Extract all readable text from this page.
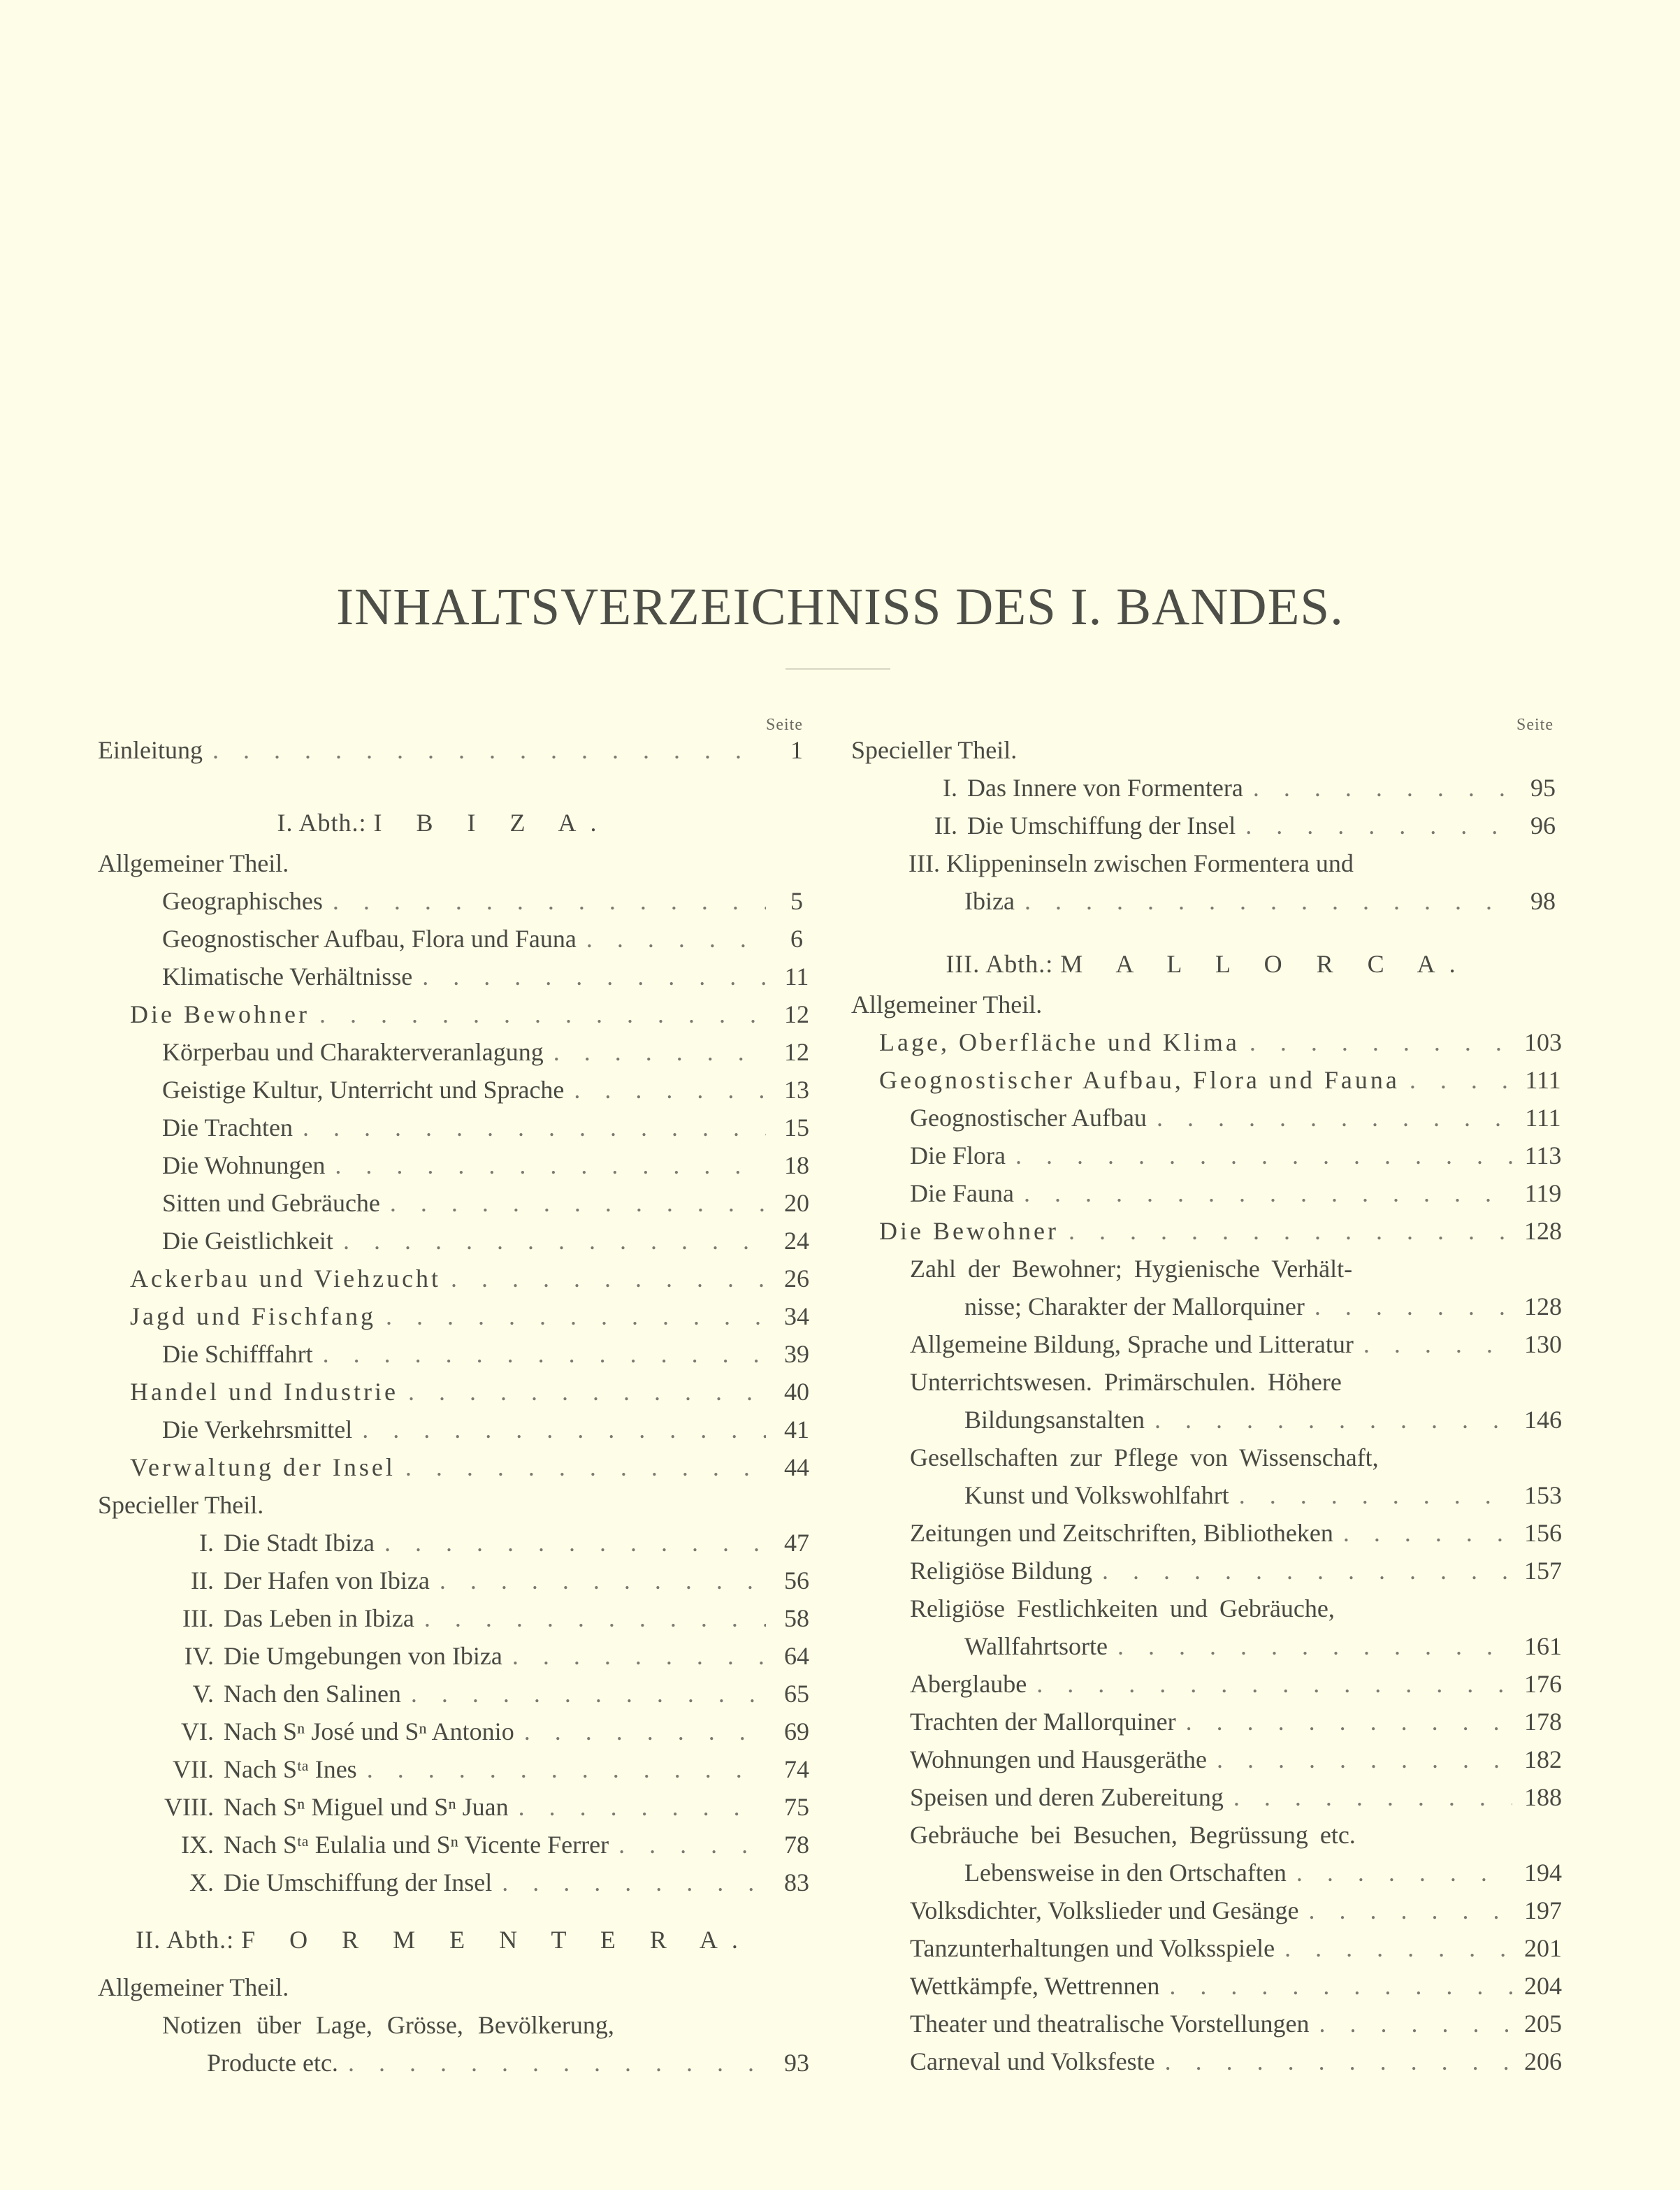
INHALTSVERZEICHNISS DES I. BANDES.
Seite
Einleitung . . .	1
I. Abth.: I B I Z A.
Allgemeiner Theil.
Geographisches . . .	5
Geognostischer Aufbau, Flora und Fauna . . .	6
Klimatische Verhältnisse . . .	11
Die Bewohner . . .	12
Körperbau und Charakterveranlagung . . .	12
Geistige Kultur, Unterricht und Sprache . . .	13
Die Trachten . . .	15
Die Wohnungen . . .	18
Sitten und Gebräuche . . .	20
Die Geistlichkeit . . .	24
Ackerbau und Viehzucht . . .	26
Jagd und Fischfang . . .	34
Die Schifffahrt . . .	39
Handel und Industrie . . .	40
Die Verkehrsmittel . . .	41
Verwaltung der Insel . . .	44
Specieller Theil.
I. Die Stadt Ibiza . . .	47
II. Der Hafen von Ibiza . . .	56
III. Das Leben in Ibiza . . .	58
IV. Die Umgebungen von Ibiza . . .	64
V. Nach den Salinen . . .	65
VI. Nach Sⁿ José und Sⁿ Antonio . . .	69
VII. Nach Sᵗᵃ Ines . . .	74
VIII. Nach Sⁿ Miguel und Sⁿ Juan . . .	75
IX. Nach Sᵗᵃ Eulalia und Sⁿ Vicente Ferrer . . .	78
X. Die Umschiffung der Insel . . .	83
II. Abth.: F O R M E N T E R A.
Allgemeiner Theil.
Notizen über Lage, Grösse, Bevölkerung,
Producte etc. . . .	93
Seite
Specieller Theil.
I. Das Innere von Formentera . . .	95
II. Die Umschiffung der Insel . . .	96
III. Klippeninseln zwischen Formentera und
Ibiza . . .	98
III. Abth.: M A L L O R C A.
Allgemeiner Theil.
Lage, Oberfläche und Klima . . .	103
Geognostischer Aufbau, Flora und Fauna . . .	111
Geognostischer Aufbau . . .	111
Die Flora . . .	113
Die Fauna . . .	119
Die Bewohner . . .	128
Zahl der Bewohner; Hygienische Verhält-
nisse; Charakter der Mallorquiner . . .	128
Allgemeine Bildung, Sprache und Litteratur . . .	130
Unterrichtswesen. Primärschulen. Höhere
Bildungsanstalten . . .	146
Gesellschaften zur Pflege von Wissenschaft,
Kunst und Volkswohlfahrt . . .	153
Zeitungen und Zeitschriften, Bibliotheken . . .	156
Religiöse Bildung . . .	157
Religiöse Festlichkeiten und Gebräuche,
Wallfahrtsorte . . .	161
Aberglaube . . .	176
Trachten der Mallorquiner . . .	178
Wohnungen und Hausgeräthe . . .	182
Speisen und deren Zubereitung . . .	188
Gebräuche bei Besuchen, Begrüssung etc.
Lebensweise in den Ortschaften . . .	194
Volksdichter, Volkslieder und Gesänge . . .	197
Tanzunterhaltungen und Volksspiele . . .	201
Wettkämpfe, Wettrennen . . .	204
Theater und theatralische Vorstellungen . . .	205
Carneval und Volksfeste . . .	206
